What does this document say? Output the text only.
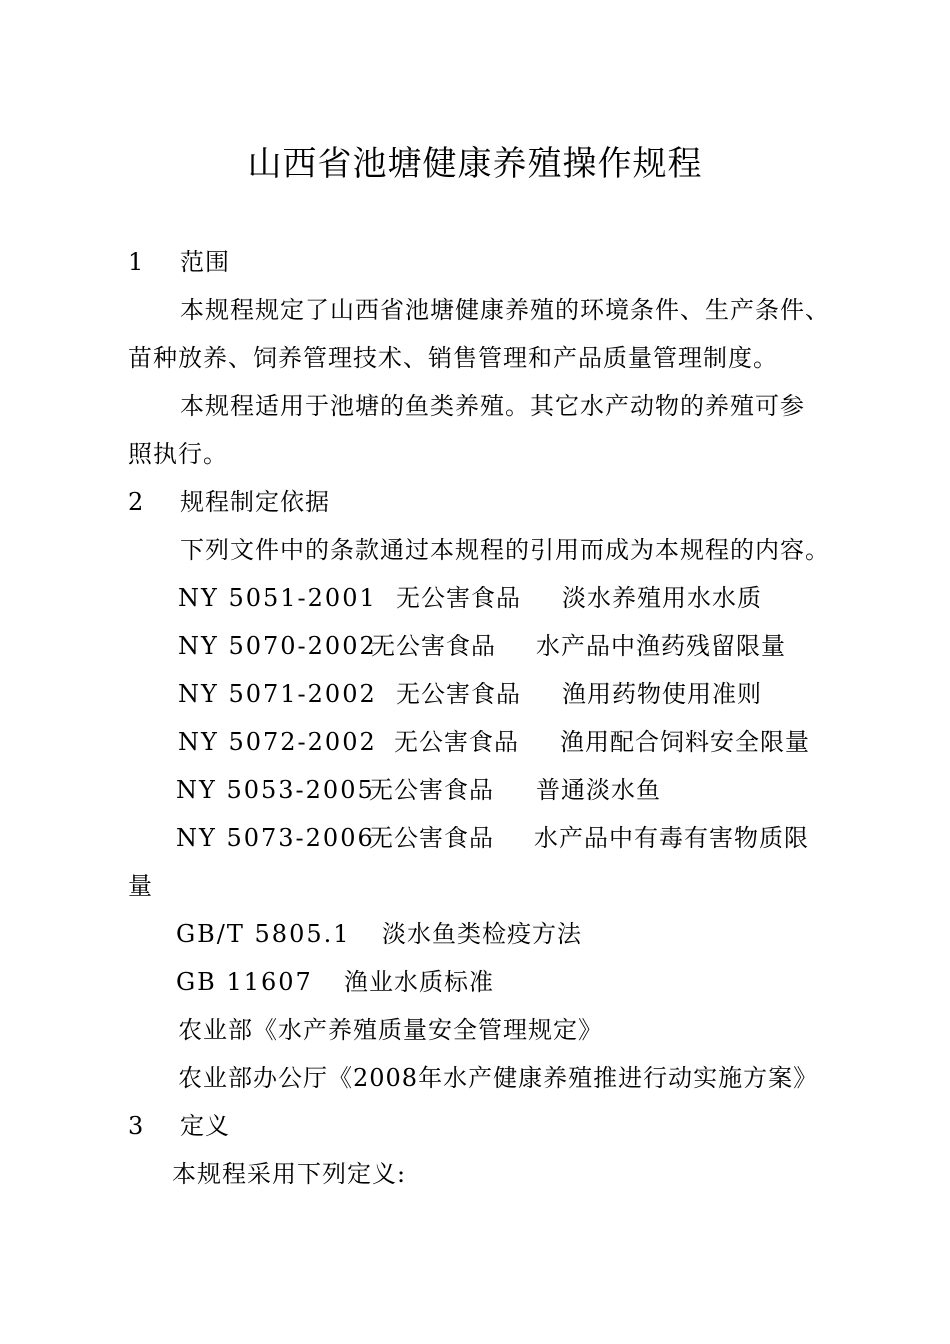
山西省池塘健康养殖操作规程
1 范围
本规程规定了山西省池塘健康养殖的环境条件、生产条件、
苗种放养、饲养管理技术、销售管理和产品质量管理制度。
本规程适用于池塘的鱼类养殖。其它水产动物的养殖可参
照执行。
2 规程制定依据
下列文件中的条款通过本规程的引用而成为本规程的内容。
NY 5051-2001 无公害食品 淡水养殖用水水质
NY 5070-2002
无公害食品 水产品中渔药残留限量
NY 5071-2002 无公害食品 渔用药物使用准则
NY 5072-2002 无公害食品 渔用配合饲料安全限量
NY 5053-2005
无公害食品 普通淡水鱼
NY 5073-2006
无公害食品 水产品中有毒有害物质限
量
GB/T 5805.1 淡水鱼类检疫方法
GB 11607 渔业水质标准
农业部《水产养殖质量安全管理规定》
农业部办公厅《2008年水产健康养殖推进行动实施方案》
3 定义
本规程采用下列定义:
